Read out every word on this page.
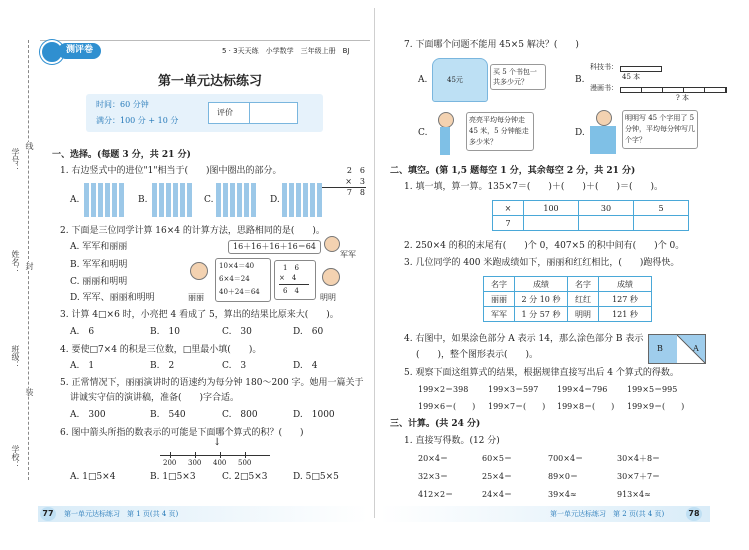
学号：
姓名：
班级：
学校：
线
封
装
测评卷	5 · 3天天练　小学数学　三年级上册　BJ
第一单元达标练习
时间：60 分钟
满分：100 分 + 10 分
评价
一、选择。(每题 3 分，共 21 分)
1. 右边竖式中的进位"1"相当于(　　)图中圈出的部分。	2　6
×　3
7　8
A.	B.	C.	D.
2. 下面是三位同学计算 16×4 的计算方法，思路相同的是(　　)。
A. 军军和丽丽
B. 军军和明明
C. 丽丽和明明
D. 军军、丽丽和明明
16＋16＋16＋16＝64
军军
丽丽
10×4＝40
6×4＝24
40＋24＝64
1　6
×　4
6　4
明明
3. 计算 4□×6 时，小亮把 4 看成了 5，算出的结果比原来大(　　)。
A.　6	B.　10	C.　30	D.　60
4. 要使□7×4 的积是三位数，□里最小填(　　)。
A.　1	B.　2	C.　3	D.　4
5. 正常情况下，丽丽演讲时的语速约为每分钟 180～200 字。她用一篇关于
讲诚实守信的演讲稿，准备(　　)字合适。
A.　300	B.　540	C.　800	D.　1000
6. 图中箭头所指的数表示的可能是下面哪个算式的积？(　　)
↓
200 300 400 500
A. 1□5×4	B. 1□5×3	C. 2□5×3	D. 5□5×5
77	第一单元达标练习　第 1 页(共 4 页)
7. 下面哪个问题不能用 45×5 解决？(　　)
A.	45元
买 5 个书包一共多少元？	B.
科技书：
45 本
漫画书：
? 本
C.
亮亮平均每分钟走 45 米，5 分钟能走多少米？
D.
明明写 45 个字用了 5 分钟，平均每分钟写几个字？
二、填空。(第 1,5 题每空 1 分，其余每空 2 分，共 21 分)
1. 填一填，算一算。135×7＝(　　)＋(　　)＋(　　)＝(　　)。
×	100	30	5
7			
2. 250×4 的积的末尾有(　　)个 0，407×5 的积中间有(　　)个 0。
3. 几位同学的 400 米跑成绩如下，丽丽和红红相比，(　　)跑得快。
名字	成绩	名字	成绩
丽丽	2 分 10 秒	红红	127 秒
军军	1 分 57 秒	明明	121 秒
4. 右图中，如果涂色部分 A 表示 14，那么涂色部分 B 表示
(　　)，整个图形表示(　　)。
B	A
5. 观察下面这组算式的结果，根据规律直接写出后 4 个算式的得数。
199×2＝398 199×3＝597 199×4＝796 199×5＝995
199×6＝(　　) 199×7＝(　　) 199×8＝(　　) 199×9＝(　　)
三、计算。(共 24 分)
1. 直接写得数。(12 分)
20×4＝	60×5＝	700×4＝	30×4＋8＝
32×3＝	25×4＝	89×0＝	30×7＋7＝
412×2＝	24×4＝	39×4≈	913×4≈
第一单元达标练习　第 2 页(共 4 页)	78
